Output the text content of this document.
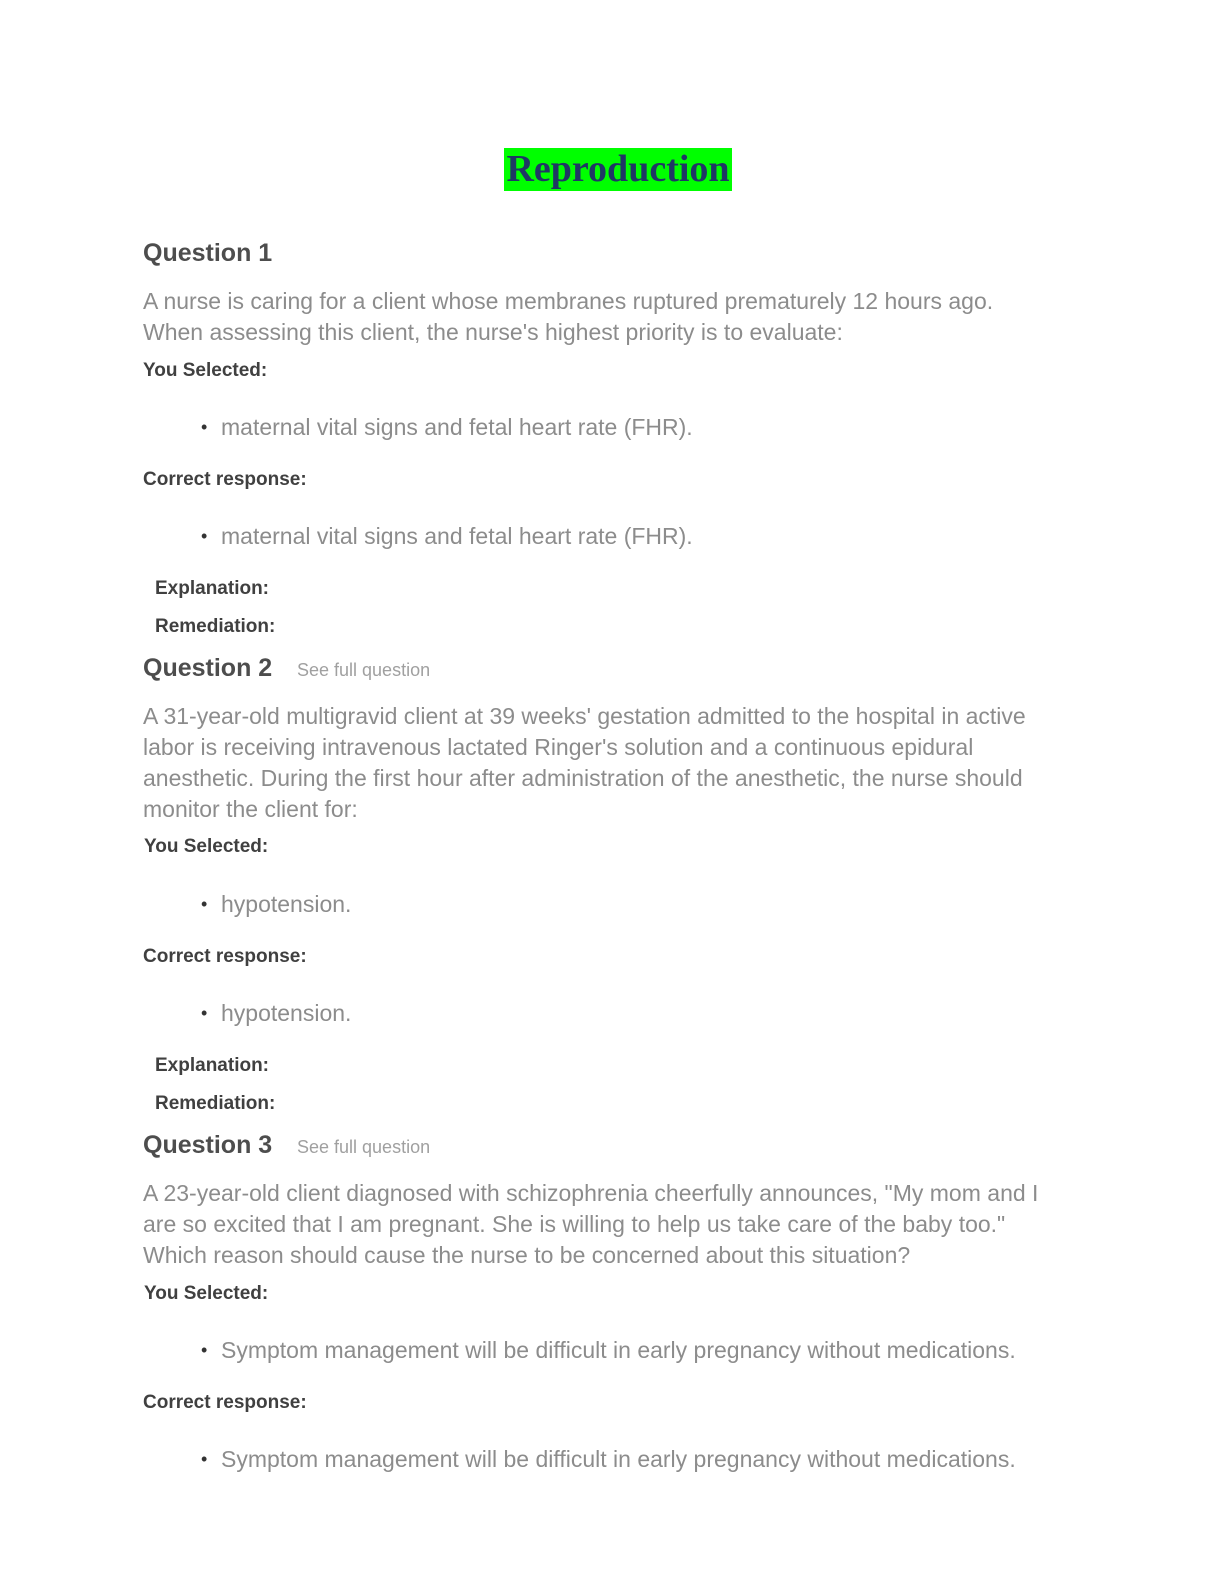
Reproduction
Question 1
A nurse is caring for a client whose membranes ruptured prematurely 12 hours ago.
When assessing this client, the nurse's highest priority is to evaluate:
You Selected:
• maternal vital signs and fetal heart rate (FHR).
Correct response:
• maternal vital signs and fetal heart rate (FHR).
Explanation:
Remediation:
Question 2 See full question
A 31-year-old multigravid client at 39 weeks' gestation admitted to the hospital in active
labor is receiving intravenous lactated Ringer's solution and a continuous epidural
anesthetic. During the first hour after administration of the anesthetic, the nurse should
monitor the client for:
You Selected:
• hypotension.
Correct response:
• hypotension.
Explanation:
Remediation:
Question 3 See full question
A 23-year-old client diagnosed with schizophrenia cheerfully announces, "My mom and I
are so excited that I am pregnant. She is willing to help us take care of the baby too."
Which reason should cause the nurse to be concerned about this situation?
You Selected:
• Symptom management will be difficult in early pregnancy without medications.
Correct response:
• Symptom management will be difficult in early pregnancy without medications.
